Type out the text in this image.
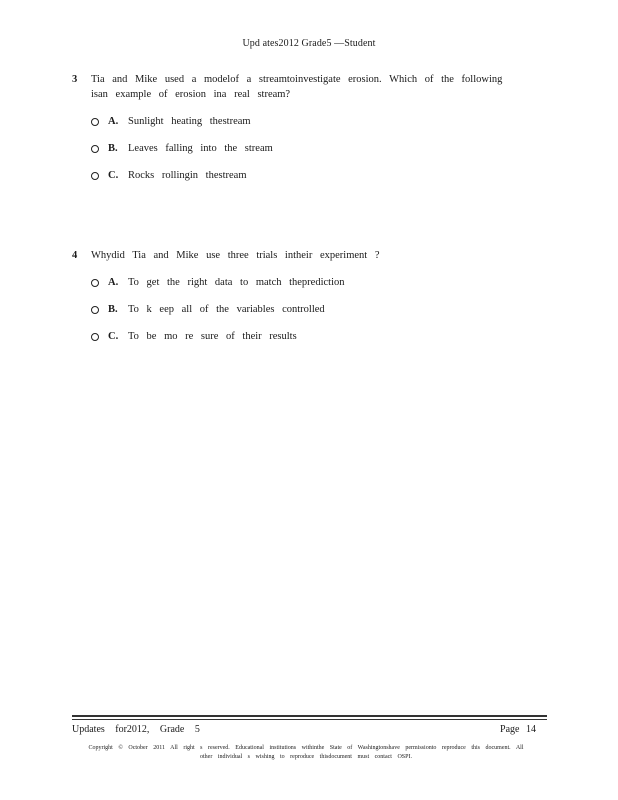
Upd ates2012 Grade5 —Student
3 Tia and Mike used a modelof a streamtoinvestigate erosion. Which of the following isan example of erosion ina real stream?
A. Sunlight heating thestream
B. Leaves falling into the stream
C. Rocks rollingin thestream
4 Whydid Tia and Mike use three trials intheir experiment ?
A. To get the right data to match theprediction
B. To k eep all of the variables controlled
C. To be mo re sure of their results
Updates for2012, Grade 5	Page 14
Copyright © October 2011 All right s reserved. Educational institutions withinthe State of Washingtonshave permissionto reproduce this document. All other individual s wishing to reproduce thisdocument must contact OSPI.
